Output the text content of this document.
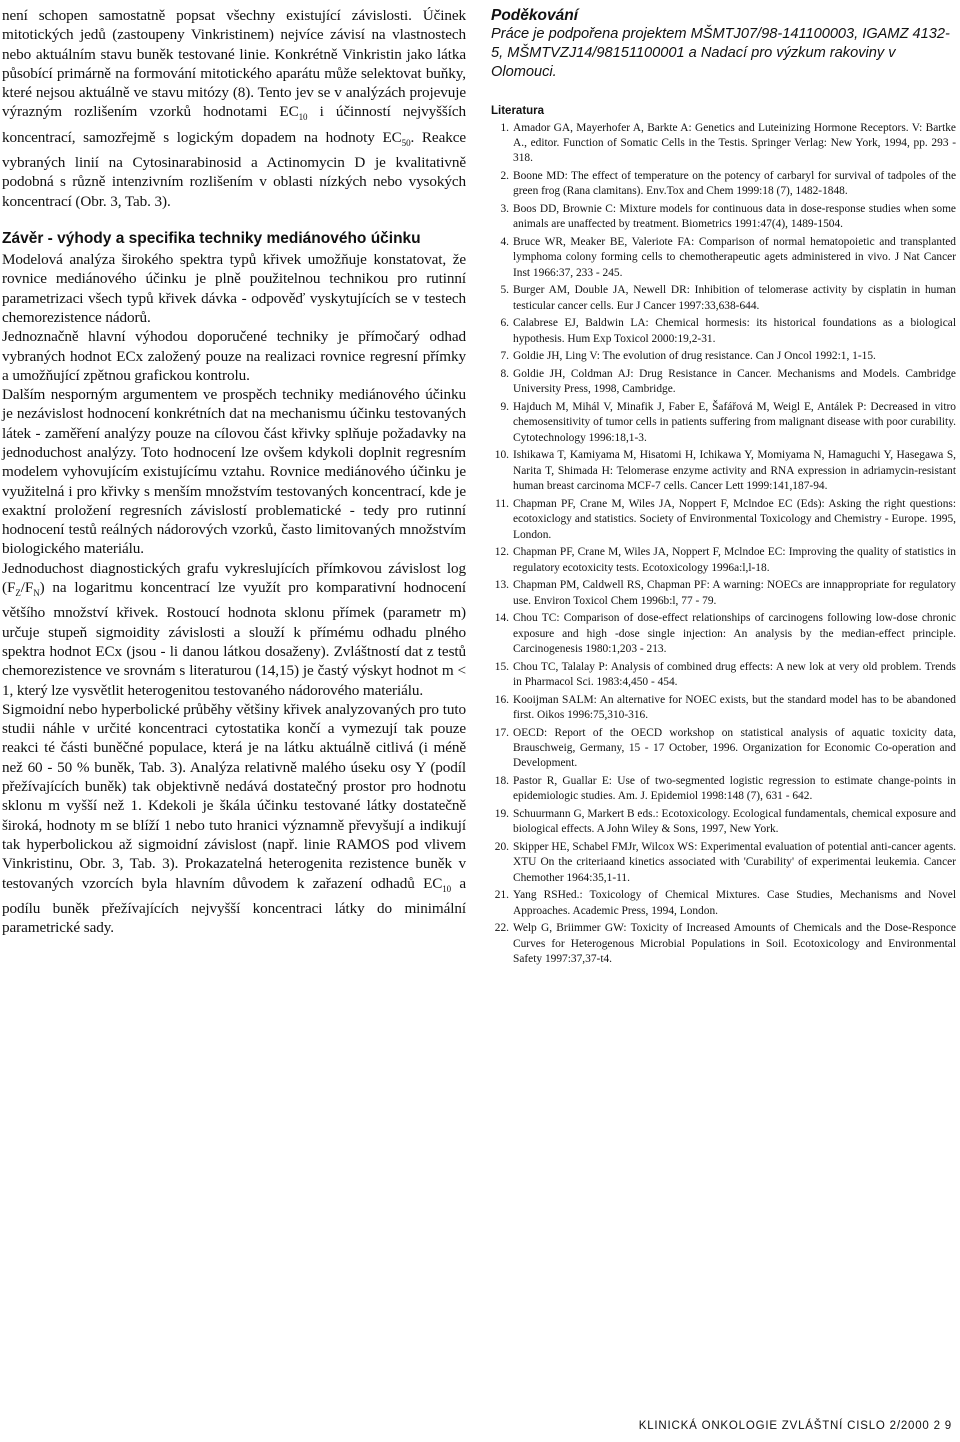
není schopen samostatně popsat všechny existující závislosti. Účinek mitotických jedů (zastoupeny Vinkristinem) nejvíce závisí na vlastnostech nebo aktuálním stavu buněk testované linie. Konkrétně Vinkristin jako látka působící primárně na formování mitotického aparátu může selektovat buňky, které nejsou aktuálně ve stavu mitózy (8). Tento jev se v analýzách projevuje výrazným rozlišením vzorků hodnotami $EC_{10}$ i účinností nejvyšších koncentrací, samozřejmě s logickým dopadem na hodnoty $EC_{50}$. Reakce vybraných linií na Cytosinarabinosid a Actinomycin D je kvalitativně podobná s různě intenzivním rozlišením v oblasti nízkých nebo vysokých koncentrací (Obr. 3, Tab. 3).
Závěr - výhody a specifika techniky mediánového účinku
Modelová analýza širokého spektra typů křivek umožňuje konstatovat, že rovnice mediánového účinku je plně použitelnou technikou pro rutinní parametrizaci všech typů křivek dávka - odpověď vyskytujících se v testech chemorezistence nádorů.
Jednoznačně hlavní výhodou doporučené techniky je přímočarý odhad vybraných hodnot ECx založený pouze na realizaci rovnice regresní přímky a umožňující zpětnou grafickou kontrolu.
Dalším nesporným argumentem ve prospěch techniky mediánového účinku je nezávislost hodnocení konkrétních dat na mechanismu účinku testovaných látek - zaměření analýzy pouze na cílovou část křivky splňuje požadavky na jednoduchost analýzy. Toto hodnocení lze ovšem kdykoli doplnit regresním modelem vyhovujícím existujícímu vztahu. Rovnice mediánového účinku je využitelná i pro křivky s menším množstvím testovaných koncentrací, kde je exaktní proložení regresních závislostí problematické - tedy pro rutinní hodnocení testů reálných nádorových vzorků, často limitovaných množstvím biologického materiálu.
Jednoduchost diagnostických grafu vykreslujících přímkovou závislost $\log (F_Z/F_N)$ na logaritmu koncentrací lze využít pro komparativní hodnocení většího množství křivek. Rostoucí hodnota sklonu přímek (parametr m) určuje stupeň sigmoidity závislosti a slouží k přímému odhadu plného spektra hodnot ECx (jsou - li danou látkou dosaženy). Zvláštností dat z testů chemorezistence ve srovnám s literaturou (14,15) je častý výskyt hodnot m < 1, který lze vysvětlit heterogenitou testovaného nádorového materiálu.
Sigmoidní nebo hyperbolické průběhy většiny křivek analyzovaných pro tuto studii náhle v určité koncentraci cytostatika končí a vymezují tak pouze reakci té části buněčné populace, která je na látku aktuálně citlivá (i méně než 60 - 50 % buněk, Tab. 3). Analýza relativně malého úseku osy Y (podíl přežívajících buněk) tak objektivně nedává dostatečný prostor pro hodnotu sklonu m vyšší než 1. Kdekoli je škála účinku testované látky dostatečně široká, hodnoty m se blíží 1 nebo tuto hranici významně převyšují a indikují tak hyperbolickou až sigmoidní závislost (např. linie RAMOS pod vlivem Vinkristinu, Obr. 3, Tab. 3). Prokazatelná heterogenita rezistence buněk v testovaných vzorcích byla hlavním důvodem k zařazení odhadů $EC_{10}$ a podílu buněk přežívajících nejvyšší koncentraci látky do minimální parametrické sady.
Poděkování
Práce je podpořena projektem MŠMTJ07/98-141100003, IGAMZ 4132-5, MŠMTVZJ14/98151100001 a Nadací pro výzkum rakoviny v Olomouci.
Literatura
1. Amador GA, Mayerhofer A, Barkte A: Genetics and Luteinizing Hormone Receptors. V: Bartke A., editor. Function of Somatic Cells in the Testis. Springer Verlag: New York, 1994, pp. 293 - 318.
2. Boone MD: The effect of temperature on the potency of carbaryl for survival of tadpoles of the green frog (Rana clamitans). Env.Tox and Chem 1999:18 (7), 1482-1848.
3. Boos DD, Brownie C: Mixture models for continuous data in dose-response studies when some animals are unaffected by treatment. Biometrics 1991:47(4), 1489-1504.
4. Bruce WR, Meaker BE, Valeriote FA: Comparison of normal hematopoietic and transplanted lymphoma colony forming cells to chemotherapeutic agets administered in vivo. J Nat Cancer Inst 1966:37, 233 - 245.
5. Burger AM, Double JA, Newell DR: Inhibition of telomerase activity by cisplatin in human testicular cancer cells. Eur J Cancer 1997:33,638-644.
6. Calabrese EJ, Baldwin LA: Chemical hormesis: its historical foundations as a biological hypothesis. Hum Exp Toxicol 2000:19,2-31.
7. Goldie JH, Ling V: The evolution of drug resistance. Can J Oncol 1992:1, 1-15.
8. Goldie JH, Coldman AJ: Drug Resistance in Cancer. Mechanisms and Models. Cambridge University Press, 1998, Cambridge.
9. Hajduch M, Mihál V, Minafik J, Faber E, Šafářová M, Weigl E, Antálek P: Decreased in vitro chemosensitivity of tumor cells in patients suffering from malignant disease with poor curability. Cytotechnology 1996:18,1-3.
10. Ishikawa T, Kamiyama M, Hisatomi H, Ichikawa Y, Momiyama N, Hamaguchi Y, Hasegawa S, Narita T, Shimada H: Telomerase enzyme activity and RNA expression in adriamycin-resistant human breast carcinoma MCF-7 cells. Cancer Lett 1999:141,187-94.
11. Chapman PF, Crane M, Wiles JA, Noppert F, Mclndoe EC (Eds): Asking the right questions: ecotoxiclogy and statistics. Society of Environmental Toxicology and Chemistry - Europe. 1995, London.
12. Chapman PF, Crane M, Wiles JA, Noppert F, Mclndoe EC: Improving the quality of statistics in regulatory ecotoxicity tests. Ecotoxicology 1996a:l,l-18.
13. Chapman PM, Caldwell RS, Chapman PF: A warning: NOECs are innappropriate for regulatory use. Environ Toxicol Chem 1996b:l, 77 - 79.
14. Chou TC: Comparison of dose-effect relationships of carcinogens following low-dose chronic exposure and high -dose single injection: An analysis by the median-effect principle. Carcinogenesis 1980:1,203 - 213.
15. Chou TC, Talalay P: Analysis of combined drug effects: A new lok at very old problem. Trends in Pharmacol Sci. 1983:4,450 - 454.
16. Kooijman SALM: An alternative for NOEC exists, but the standard model has to be abandoned first. Oikos 1996:75,310-316.
17. OECD: Report of the OECD workshop on statistical analysis of aquatic toxicity data, Brauschweig, Germany, 15 - 17 October, 1996. Organization for Economic Co-operation and Development.
18. Pastor R, Guallar E: Use of two-segmented logistic regression to estimate change-points in epidemiologic studies. Am. J. Epidemiol 1998:148 (7), 631 - 642.
19. Schuurmann G, Markert B eds.: Ecotoxicology. Ecological fundamentals, chemical exposure and biological effects. A John Wiley & Sons, 1997, New York.
20. Skipper HE, Schabel FMJr, Wilcox WS: Experimental evaluation of potential anti-cancer agents. XTU On the criteriaand kinetics associated with 'Curability' of experimentai leukemia. Cancer Chemother 1964:35,1-11.
21. Yang RSHed.: Toxicology of Chemical Mixtures. Case Studies, Mechanisms and Novel Approaches. Academic Press, 1994, London.
22. Welp G, Briimmer GW: Toxicity of Increased Amounts of Chemicals and the Dose-Responce Curves for Heterogenous Microbial Populations in Soil. Ecotoxicology and Environmental Safety 1997:37,37-t4.
KLINICKÁ ONKOLOGIE ZVLÁŠTNÍ CISLO 2/2000 2 9
